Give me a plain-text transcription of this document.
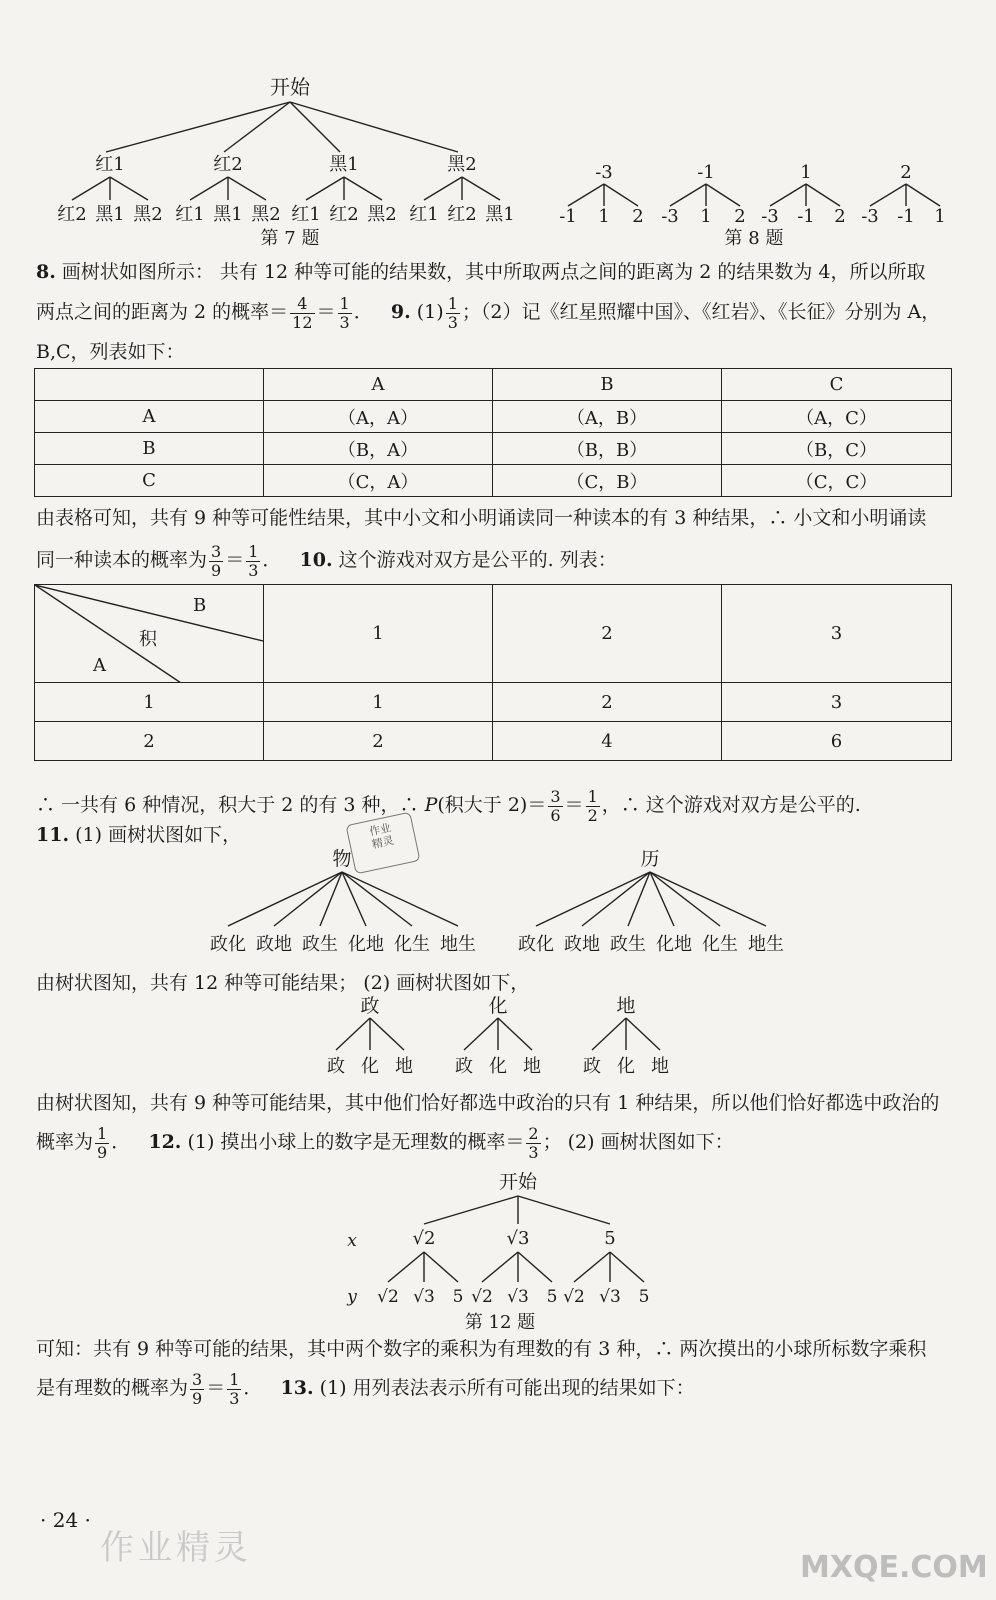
开始
红1	红2	黑1	黑2
红2 黑1 黑2 红1 黑1 黑2 红1 红2 黑2 红1 红2 黑1
第 7 题
-3	-1	1	2
-1 1 2 -3 1 2 -3 -1 2 -3 -1 1
第 8 题
8. 画树状如图所示： 共有 12 种等可能的结果数，其中所取两点之间的距离为 2 的结果数为 4，所以所取
两点之间的距离为 2 的概率＝ $\frac{4}{12} = \frac{1}{3}$ ． 9. $(1) \frac{1}{3}$ ；（2）记《红星照耀中国》、《红岩》、《长征》分别为 A，
B,C，列表如下：
	A	B	C
A	（A，A）	（A，B）	（A，C）
B	（B，A）	（B，B）	（B，C）
C	（C，A）	（C，B）	（C，C）
由表格可知，共有 9 种等可能性结果，其中小文和小明诵读同一种读本的有 3 种结果，∴ 小文和小明诵读
同一种读本的概率为 $\frac{3}{9} = \frac{1}{3}$ ． 10. 这个游戏对双方是公平的. 列表：
B
积
A	1	2	3
1	1	2	3
2	2	4	6
∴ 一共有 6 种情况，积大于 2 的有 3 种，∴ P(积大于 $2)= \frac{3}{6} = \frac{1}{2}$ ，∴ 这个游戏对双方是公平的.
11. (1) 画树状图如下，	作业
精灵
物	历
政化 政地 政生 化地 化生 地生 政化 政地 政生 化地 化生 地生
由树状图知，共有 12 种等可能结果； (2) 画树状图如下，
政	化	地
政 化 地 政 化 地 政 化 地
由树状图知，共有 9 种等可能结果，其中他们恰好都选中政治的只有 1 种结果，所以他们恰好都选中政治的
概率为 $\frac{1}{9}$ ． 12. (1) 摸出小球上的数字是无理数的概率＝ $\frac{2}{3}$ ； (2) 画树状图如下：
开始
x
y
√2	√3	5
√2 √3 5 √2 √3 5 √2 √3 5
第 12 题
可知：共有 9 种等可能的结果，其中两个数字的乘积为有理数的有 3 种，∴ 两次摸出的小球所标数字乘积
是有理数的概率为 $\frac{3}{9} = \frac{1}{3}$ ． 13. (1) 用列表法表示所有可能出现的结果如下：
· 24 ·
作业精灵	MXQE.COM
